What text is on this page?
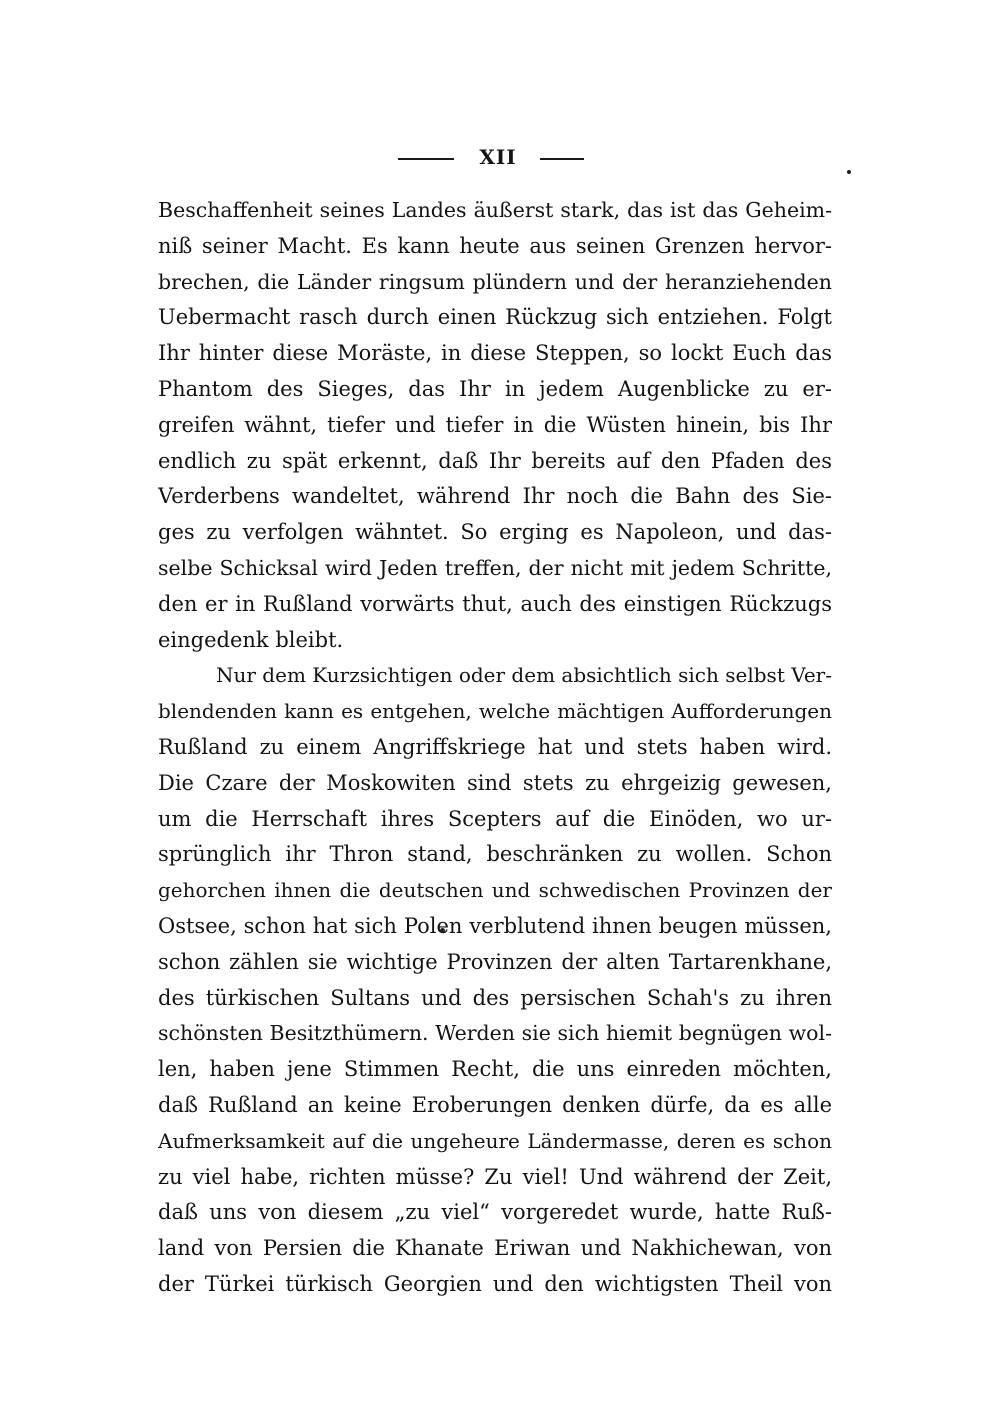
XII
Beschaffenheit seines Landes äußerst stark, das ist das Geheim-
niß seiner Macht. Es kann heute aus seinen Grenzen hervor-
brechen, die Länder ringsum plündern und der heranziehenden
Uebermacht rasch durch einen Rückzug sich entziehen. Folgt
Ihr hinter diese Moräste, in diese Steppen, so lockt Euch das
Phantom des Sieges, das Ihr in jedem Augenblicke zu er-
greifen wähnt, tiefer und tiefer in die Wüsten hinein, bis Ihr
endlich zu spät erkennt, daß Ihr bereits auf den Pfaden des
Verderbens wandeltet, während Ihr noch die Bahn des Sie-
ges zu verfolgen wähntet. So erging es Napoleon, und das-
selbe Schicksal wird Jeden treffen, der nicht mit jedem Schritte,
den er in Rußland vorwärts thut, auch des einstigen Rückzugs
eingedenk bleibt.
Nur dem Kurzsichtigen oder dem absichtlich sich selbst Ver-
blendenden kann es entgehen, welche mächtigen Aufforderungen
Rußland zu einem Angriffskriege hat und stets haben wird.
Die Czare der Moskowiten sind stets zu ehrgeizig gewesen,
um die Herrschaft ihres Scepters auf die Einöden, wo ur-
sprünglich ihr Thron stand, beschränken zu wollen. Schon
gehorchen ihnen die deutschen und schwedischen Provinzen der
Ostsee, schon hat sich Polen verblutend ihnen beugen müssen,
schon zählen sie wichtige Provinzen der alten Tartarenkhane,
des türkischen Sultans und des persischen Schah's zu ihren
schönsten Besitzthümern. Werden sie sich hiemit begnügen wol-
len, haben jene Stimmen Recht, die uns einreden möchten,
daß Rußland an keine Eroberungen denken dürfe, da es alle
Aufmerksamkeit auf die ungeheure Ländermasse, deren es schon
zu viel habe, richten müsse? Zu viel! Und während der Zeit,
daß uns von diesem „zu viel“ vorgeredet wurde, hatte Ruß-
land von Persien die Khanate Eriwan und Nakhichewan, von
der Türkei türkisch Georgien und den wichtigsten Theil von
